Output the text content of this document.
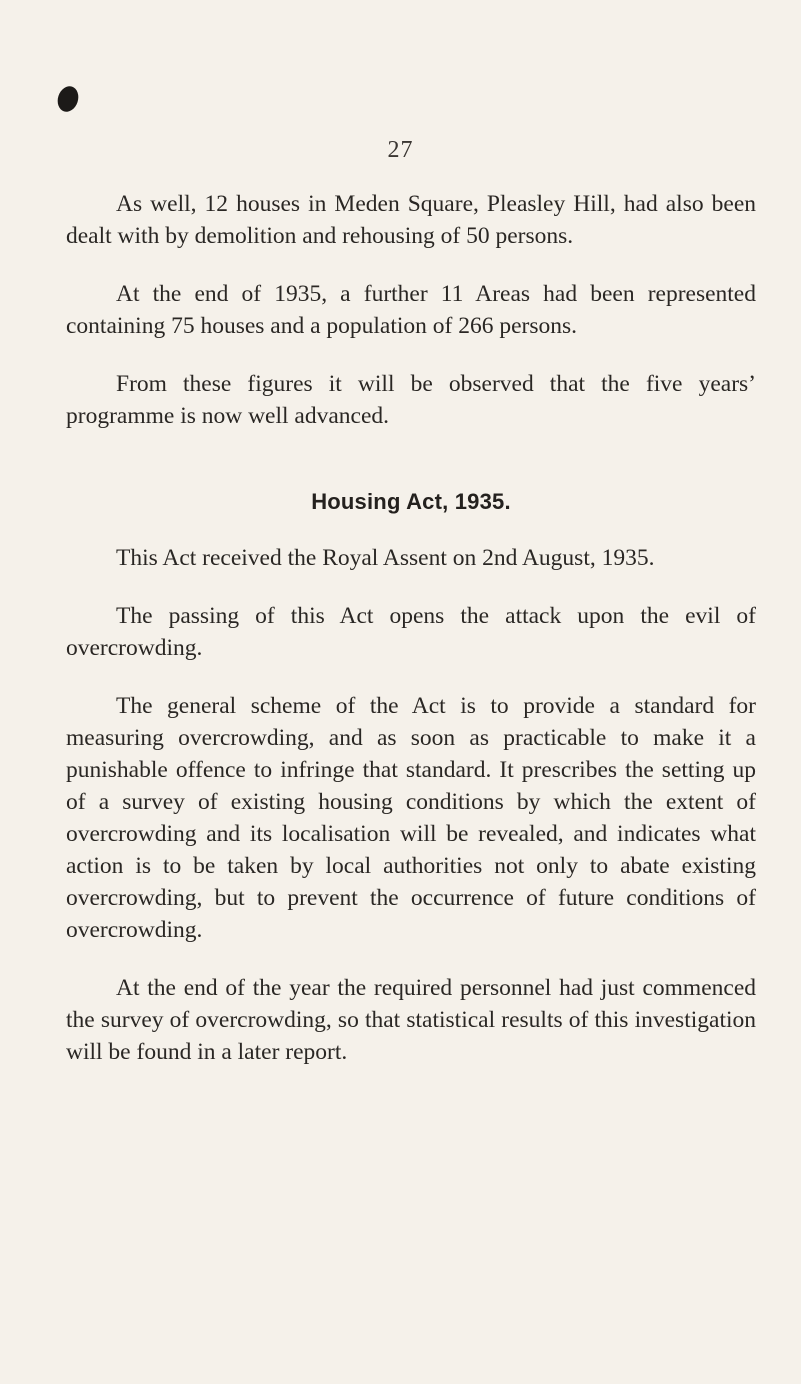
27

As well, 12 houses in Meden Square, Pleasley Hill, had also been dealt with by demolition and rehousing of 50 persons.

At the end of 1935, a further 11 Areas had been represented containing 75 houses and a population of 266 persons.

From these figures it will be observed that the five years’ programme is now well advanced.

Housing Act, 1935.

This Act received the Royal Assent on 2nd August, 1935.

The passing of this Act opens the attack upon the evil of overcrowding.

The general scheme of the Act is to provide a standard for measuring overcrowding, and as soon as practicable to make it a punishable offence to infringe that standard. It prescribes the setting up of a survey of existing housing conditions by which the extent of overcrowding and its localisation will be revealed, and indicates what action is to be taken by local authorities not only to abate existing overcrowding, but to prevent the occurrence of future conditions of overcrowding.

At the end of the year the required personnel had just commenced the survey of overcrowding, so that statistical results of this investigation will be found in a later report.
